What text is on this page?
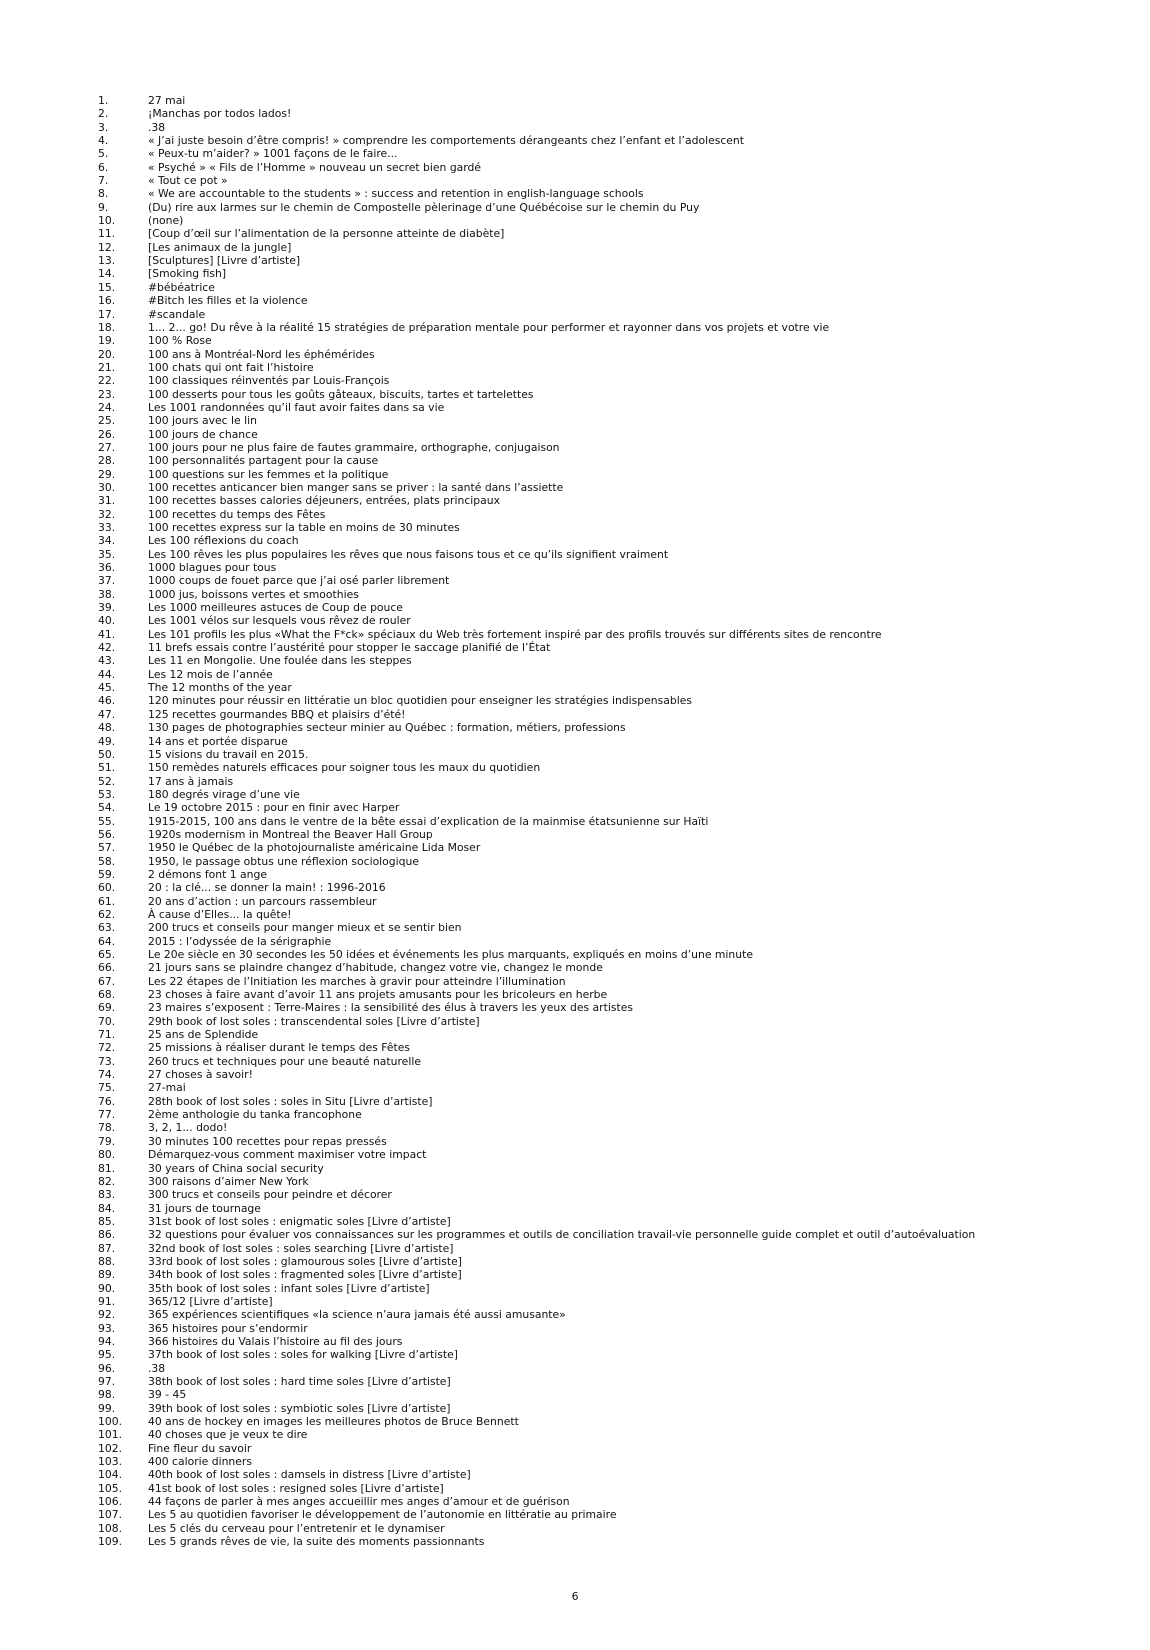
1.	27 mai
2.	¡Manchas por todos lados!
3.	.38
4.	« J’ai juste besoin d’être compris! » comprendre les comportements dérangeants chez l’enfant et l’adolescent
5.	« Peux-tu m’aider? » 1001 façons de le faire...
6.	« Psyché » « Fils de l’Homme » nouveau un secret bien gardé
7.	« Tout ce pot »
8.	« We are accountable to the students » : success and retention in english-language schools
9.	(Du) rire aux larmes sur le chemin de Compostelle pèlerinage d’une Québécoise sur le chemin du Puy
10.	(none)
11.	[Coup d’œil sur l’alimentation de la personne atteinte de diabète]
12.	[Les animaux de la jungle]
13.	[Sculptures] [Livre d’artiste]
14.	[Smoking fish]
15.	#bébéatrice
16.	#Bitch les filles et la violence
17.	#scandale
18.	1... 2... go! Du rêve à la réalité 15 stratégies de préparation mentale pour performer et rayonner dans vos projets et votre vie
19.	100 % Rose
20.	100 ans à Montréal-Nord les éphémérides
21.	100 chats qui ont fait l’histoire
22.	100 classiques réinventés par Louis-François
23.	100 desserts pour tous les goûts gâteaux, biscuits, tartes et tartelettes
24.	Les 1001 randonnées qu’il faut avoir faites dans sa vie
25.	100 jours avec le lin
26.	100 jours de chance
27.	100 jours pour ne plus faire de fautes grammaire, orthographe, conjugaison
28.	100 personnalités partagent pour la cause
29.	100 questions sur les femmes et la politique
30.	100 recettes anticancer bien manger sans se priver : la santé dans l’assiette
31.	100 recettes basses calories déjeuners, entrées, plats principaux
32.	100 recettes du temps des Fêtes
33.	100 recettes express sur la table en moins de 30 minutes
34.	Les 100 réflexions du coach
35.	Les 100 rêves les plus populaires les rêves que nous faisons tous et ce qu’ils signifient vraiment
36.	1000 blagues pour tous
37.	1000 coups de fouet parce que j’ai osé parler librement
38.	1000 jus, boissons vertes et smoothies
39.	Les 1000 meilleures astuces de Coup de pouce
40.	Les 1001 vélos sur lesquels vous rêvez de rouler
41.	Les 101 profils les plus «What the F*ck» spéciaux du Web très fortement inspiré par des profils trouvés sur différents sites de rencontre
42.	11 brefs essais contre l’austérité pour stopper le saccage planifié de l’État
43.	Les 11 en Mongolie. Une foulée dans les steppes
44.	Les 12 mois de l’année
45.	The 12 months of the year
46.	120 minutes pour réussir en littératie un bloc quotidien pour enseigner les stratégies indispensables
47.	125 recettes gourmandes BBQ et plaisirs d’été!
48.	130 pages de photographies secteur minier au Québec : formation, métiers, professions
49.	14 ans et portée disparue
50.	15 visions du travail en 2015.
51.	150 remèdes naturels efficaces pour soigner tous les maux du quotidien
52.	17 ans à jamais
53.	180 degrés virage d’une vie
54.	Le 19 octobre 2015 : pour en finir avec Harper
55.	1915-2015, 100 ans dans le ventre de la bête essai d’explication de la mainmise étatsunienne sur Haïti
56.	1920s modernism in Montreal the Beaver Hall Group
57.	1950 le Québec de la photojournaliste américaine Lida Moser
58.	1950, le passage obtus une réflexion sociologique
59.	2 démons font 1 ange
60.	20 : la clé... se donner la main! : 1996-2016
61.	20 ans d’action : un parcours rassembleur
62.	À cause d’Elles... la quête!
63.	200 trucs et conseils pour manger mieux et se sentir bien
64.	2015 : l’odyssée de la sérigraphie
65.	Le 20e siècle en 30 secondes les 50 idées et événements les plus marquants, expliqués en moins d’une minute
66.	21 jours sans se plaindre changez d’habitude, changez votre vie, changez le monde
67.	Les 22 étapes de l’Initiation les marches à gravir pour atteindre l’illumination
68.	23 choses à faire avant d’avoir 11 ans projets amusants pour les bricoleurs en herbe
69.	23 maires s’exposent : Terre-Maires : la sensibilité des élus à travers les yeux des artistes
70.	29th book of lost soles : transcendental soles [Livre d’artiste]
71.	25 ans de Splendide
72.	25 missions à réaliser durant le temps des Fêtes
73.	260 trucs et techniques pour une beauté naturelle
74.	27 choses à savoir!
75.	27-mai
76.	28th book of lost soles : soles in Situ [Livre d’artiste]
77.	2ème anthologie du tanka francophone
78.	3, 2, 1... dodo!
79.	30 minutes 100 recettes pour repas pressés
80.	Démarquez-vous comment maximiser votre impact
81.	30 years of China social security
82.	300 raisons d’aimer New York
83.	300 trucs et conseils pour peindre et décorer
84.	31 jours de tournage
85.	31st book of lost soles : enigmatic soles [Livre d’artiste]
86.	32 questions pour évaluer vos connaissances sur les programmes et outils de conciliation travail-vie personnelle guide complet et outil d’autoévaluation
87.	32nd book of lost soles : soles searching [Livre d’artiste]
88.	33rd book of lost soles : glamourous soles [Livre d’artiste]
89.	34th book of lost soles : fragmented soles [Livre d’artiste]
90.	35th book of lost soles : infant soles [Livre d’artiste]
91.	365/12 [Livre d’artiste]
92.	365 expériences scientifiques «la science n’aura jamais été aussi amusante»
93.	365 histoires pour s’endormir
94.	366 histoires du Valais l’histoire au fil des jours
95.	37th book of lost soles : soles for walking [Livre d’artiste]
96.	.38
97.	38th book of lost soles : hard time soles [Livre d’artiste]
98.	39 - 45
99.	39th book of lost soles : symbiotic soles [Livre d’artiste]
100.	40 ans de hockey en images les meilleures photos de Bruce Bennett
101.	40 choses que je veux te dire
102.	Fine fleur du savoir
103.	400 calorie dinners
104.	40th book of lost soles : damsels in distress [Livre d’artiste]
105.	41st book of lost soles : resigned soles [Livre d’artiste]
106.	44 façons de parler à mes anges accueillir mes anges d’amour et de guérison
107.	Les 5 au quotidien favoriser le développement de l’autonomie en littératie au primaire
108.	Les 5 clés du cerveau pour l’entretenir et le dynamiser
109.	Les 5 grands rêves de vie, la suite des moments passionnants
6
